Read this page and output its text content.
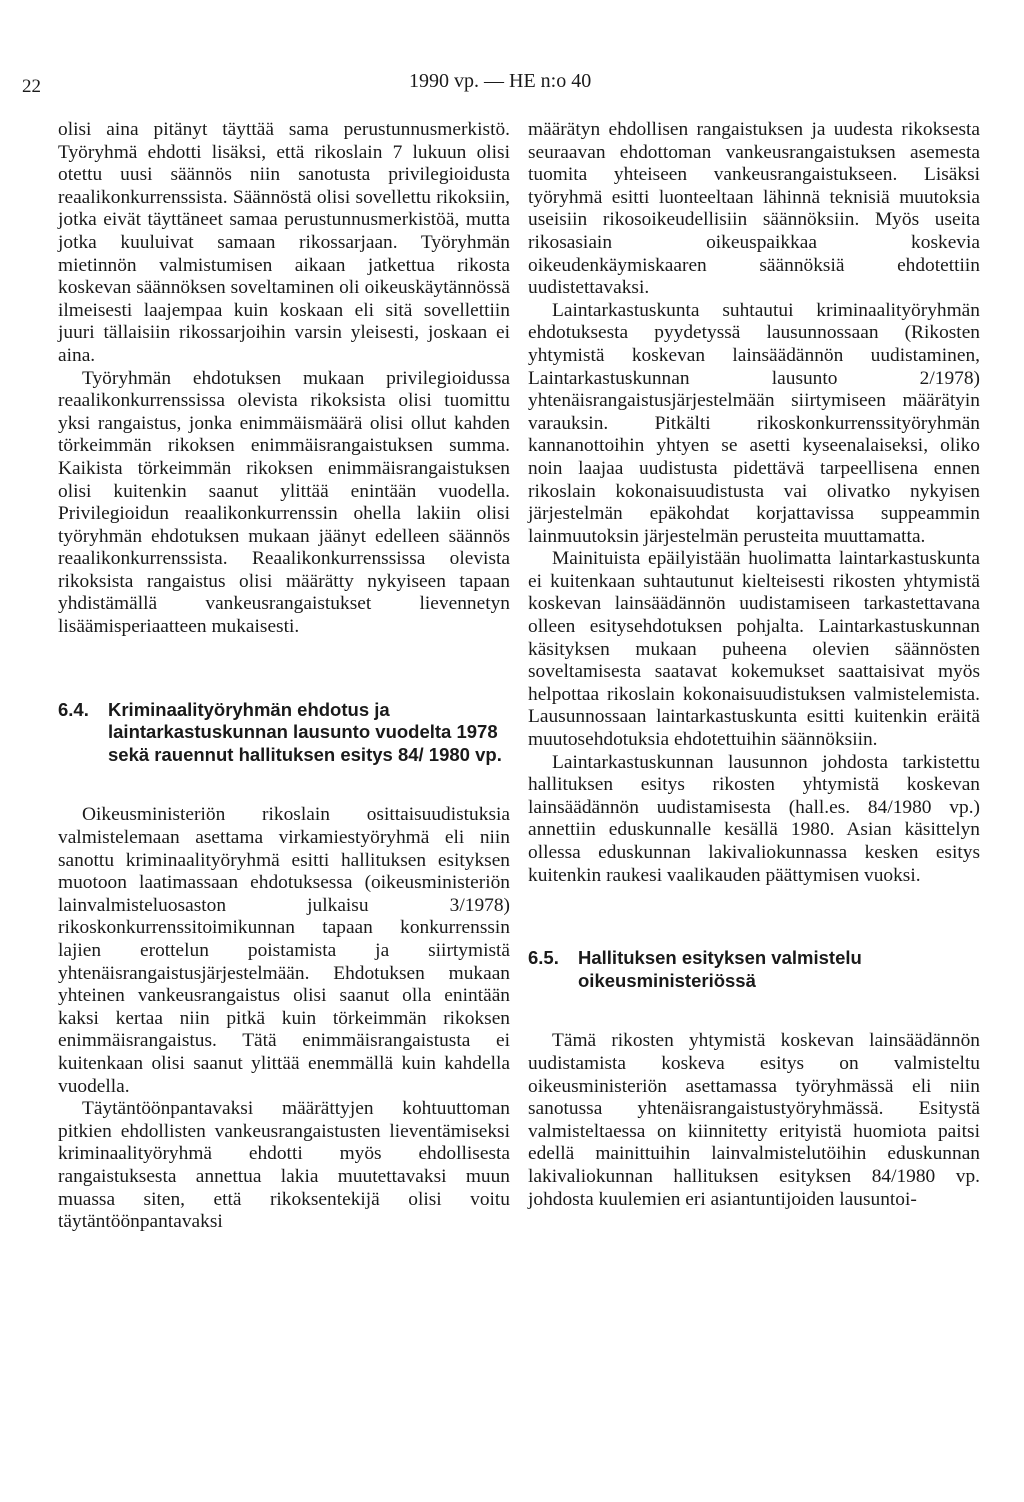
22	1990 vp. — HE n:o 40

olisi aina pitänyt täyttää sama perustunnusmerkistö. Työryhmä ehdotti lisäksi, että rikoslain 7 lukuun olisi otettu uusi säännös niin sanotusta privilegioidusta reaalikonkurrenssista. Säännöstä olisi sovellettu rikoksiin, jotka eivät täyttäneet samaa perustunnusmerkistöä, mutta jotka kuuluivat samaan rikossarjaan. Työryhmän mietinnön valmistumisen aikaan jatkettua rikosta koskevan säännöksen soveltaminen oli oikeuskäytännössä ilmeisesti laajempaa kuin koskaan eli sitä sovellettiin juuri tällaisiin rikossarjoihin varsin yleisesti, joskaan ei aina.

Työryhmän ehdotuksen mukaan privilegioidussa reaalikonkurrenssissa olevista rikoksista olisi tuomittu yksi rangaistus, jonka enimmäismäärä olisi ollut kahden törkeimmän rikoksen enimmäisrangaistuksen summa. Kaikista törkeimmän rikoksen enimmäisrangaistuksen olisi kuitenkin saanut ylittää enintään vuodella. Privilegioidun reaalikonkurrenssin ohella lakiin olisi työryhmän ehdotuksen mukaan jäänyt edelleen säännös reaalikonkurrenssista. Reaalikonkurrenssissa olevista rikoksista rangaistus olisi määrätty nykyiseen tapaan yhdistämällä vankeusrangaistukset lievennetyn lisäämisperiaatteen mukaisesti.

6.4.	Kriminaalityöryhmän ehdotus ja laintarkastuskunnan lausunto vuodelta 1978 sekä rauennut hallituksen esitys 84/ 1980 vp.

Oikeusministeriön rikoslain osittaisuudistuksia valmistelemaan asettama virkamiestyöryhmä eli niin sanottu kriminaalityöryhmä esitti hallituksen esityksen muotoon laatimassaan ehdotuksessa (oikeusministeriön lainvalmisteluosaston julkaisu 3/1978) rikoskonkurrenssitoimikunnan tapaan konkurrenssin lajien erottelun poistamista ja siirtymistä yhtenäisrangaistusjärjestelmään. Ehdotuksen mukaan yhteinen vankeusrangaistus olisi saanut olla enintään kaksi kertaa niin pitkä kuin törkeimmän rikoksen enimmäisrangaistus. Tätä enimmäisrangaistusta ei kuitenkaan olisi saanut ylittää enemmällä kuin kahdella vuodella.

Täytäntöönpantavaksi määrättyjen kohtuuttoman pitkien ehdollisten vankeusrangaistusten lieventämiseksi kriminaalityöryhmä ehdotti myös ehdollisesta rangaistuksesta annettua lakia muutettavaksi muun muassa siten, että rikoksentekijä olisi voitu täytäntöönpantavaksi

määrätyn ehdollisen rangaistuksen ja uudesta rikoksesta seuraavan ehdottoman vankeusrangaistuksen asemesta tuomita yhteiseen vankeusrangaistukseen. Lisäksi työryhmä esitti luonteeltaan lähinnä teknisiä muutoksia useisiin rikosoikeudellisiin säännöksiin. Myös useita rikosasiain oikeuspaikkaa koskevia oikeudenkäymiskaaren säännöksiä ehdotettiin uudistettavaksi.

Laintarkastuskunta suhtautui kriminaalityöryhmän ehdotuksesta pyydetyssä lausunnossaan (Rikosten yhtymistä koskevan lainsäädännön uudistaminen, Laintarkastuskunnan lausunto 2/1978) yhtenäisrangaistusjärjestelmään siirtymiseen määrätyin varauksin. Pitkälti rikoskonkurrenssityöryhmän kannanottoihin yhtyen se asetti kyseenalaiseksi, oliko noin laajaa uudistusta pidettävä tarpeellisena ennen rikoslain kokonaisuudistusta vai olivatko nykyisen järjestelmän epäkohdat korjattavissa suppeammin lainmuutoksin järjestelmän perusteita muuttamatta.

Mainituista epäilyistään huolimatta laintarkastuskunta ei kuitenkaan suhtautunut kielteisesti rikosten yhtymistä koskevan lainsäädännön uudistamiseen tarkastettavana olleen esitysehdotuksen pohjalta. Laintarkastuskunnan käsityksen mukaan puheena olevien säännösten soveltamisesta saatavat kokemukset saattaisivat myös helpottaa rikoslain kokonaisuudistuksen valmistelemista. Lausunnossaan laintarkastuskunta esitti kuitenkin eräitä muutosehdotuksia ehdotettuihin säännöksiin.

Laintarkastuskunnan lausunnon johdosta tarkistettu hallituksen esitys rikosten yhtymistä koskevan lainsäädännön uudistamisesta (hall.es. 84/1980 vp.) annettiin eduskunnalle kesällä 1980. Asian käsittelyn ollessa eduskunnan lakivaliokunnassa kesken esitys kuitenkin raukesi vaalikauden päättymisen vuoksi.

6.5.	Hallituksen esityksen valmistelu oikeusministeriössä

Tämä rikosten yhtymistä koskevan lainsäädännön uudistamista koskeva esitys on valmisteltu oikeusministeriön asettamassa työryhmässä eli niin sanotussa yhtenäisrangaistustyöryhmässä. Esitystä valmisteltaessa on kiinnitetty erityistä huomiota paitsi edellä mainittuihin lainvalmistelutöihin eduskunnan lakivaliokunnan hallituksen esityksen 84/1980 vp. johdosta kuulemien eri asiantuntijoiden lausuntoi-
